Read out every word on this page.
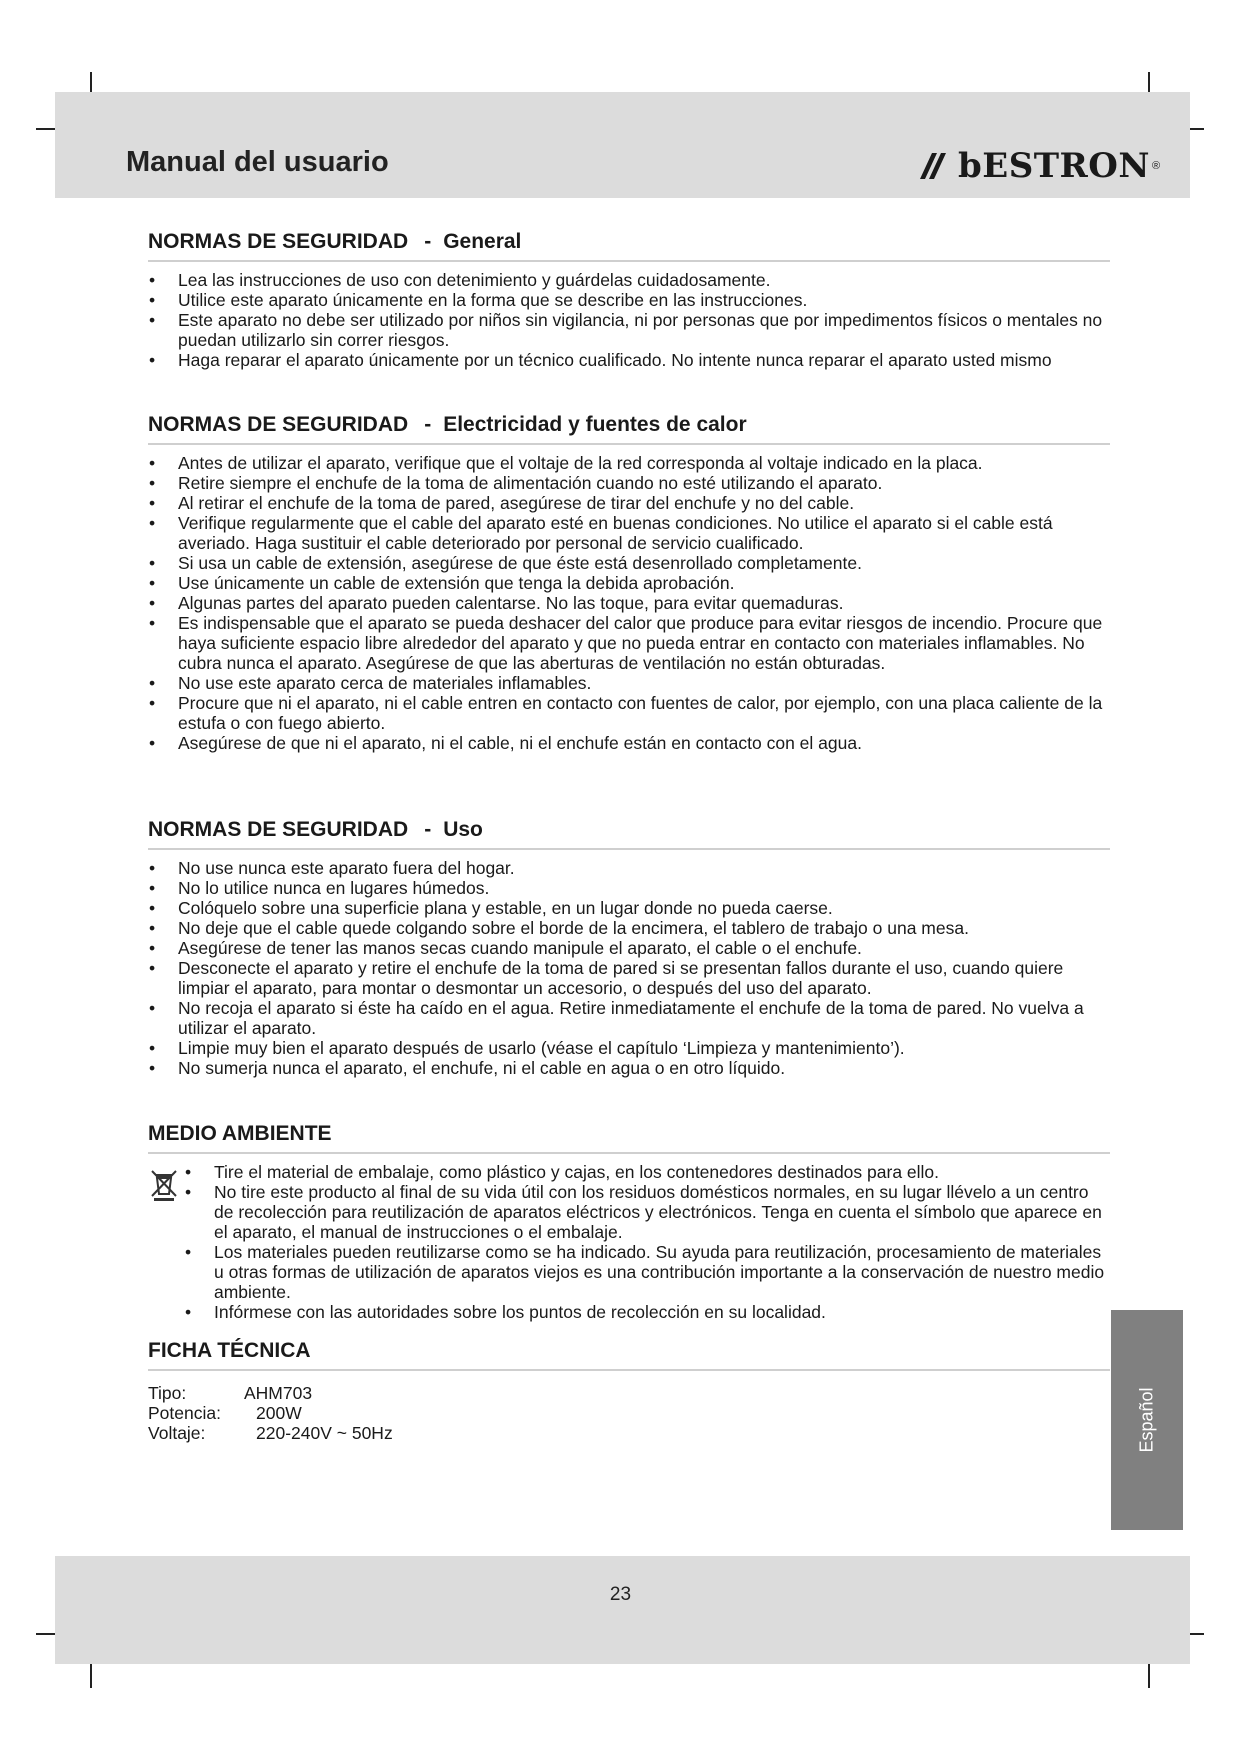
Manual del usuario	bESTRON ®
NORMAS DE SEGURIDAD - General
• Lea las instrucciones de uso con detenimiento y guárdelas cuidadosamente.
• Utilice este aparato únicamente en la forma que se describe en las instrucciones.
• Este aparato no debe ser utilizado por niños sin vigilancia, ni por personas que por impedimentos físicos o mentales no puedan utilizarlo sin correr riesgos.
• Haga reparar el aparato únicamente por un técnico cualificado. No intente nunca reparar el aparato usted mismo
NORMAS DE SEGURIDAD - Electricidad y fuentes de calor
• Antes de utilizar el aparato, verifique que el voltaje de la red corresponda al voltaje indicado en la placa.
• Retire siempre el enchufe de la toma de alimentación cuando no esté utilizando el aparato.
• Al retirar el enchufe de la toma de pared, asegúrese de tirar del enchufe y no del cable.
• Verifique regularmente que el cable del aparato esté en buenas condiciones. No utilice el aparato si el cable está averiado. Haga sustituir el cable deteriorado por personal de servicio cualificado.
• Si usa un cable de extensión, asegúrese de que éste está desenrollado completamente.
• Use únicamente un cable de extensión que tenga la debida aprobación.
• Algunas partes del aparato pueden calentarse. No las toque, para evitar quemaduras.
• Es indispensable que el aparato se pueda deshacer del calor que produce para evitar riesgos de incendio. Procure que haya suficiente espacio libre alrededor del aparato y que no pueda entrar en contacto con materiales inflamables. No cubra nunca el aparato. Asegúrese de que las aberturas de ventilación no están obturadas.
• No use este aparato cerca de materiales inflamables.
• Procure que ni el aparato, ni el cable entren en contacto con fuentes de calor, por ejemplo, con una placa caliente de la estufa o con fuego abierto.
• Asegúrese de que ni el aparato, ni el cable, ni el enchufe están en contacto con el agua.
NORMAS DE SEGURIDAD - Uso
• No use nunca este aparato fuera del hogar.
• No lo utilice nunca en lugares húmedos.
• Colóquelo sobre una superficie plana y estable, en un lugar donde no pueda caerse.
• No deje que el cable quede colgando sobre el borde de la encimera, el tablero de trabajo o una mesa.
• Asegúrese de tener las manos secas cuando manipule el aparato, el cable o el enchufe.
• Desconecte el aparato y retire el enchufe de la toma de pared si se presentan fallos durante el uso, cuando quiere limpiar el aparato, para montar o desmontar un accesorio, o después del uso del aparato.
• No recoja el aparato si éste ha caído en el agua. Retire inmediatamente el enchufe de la toma de pared. No vuelva a utilizar el aparato.
• Limpie muy bien el aparato después de usarlo (véase el capítulo ‘Limpieza y mantenimiento’).
• No sumerja nunca el aparato, el enchufe, ni el cable en agua o en otro líquido.
MEDIO AMBIENTE
• Tire el material de embalaje, como plástico y cajas, en los contenedores destinados para ello.
• No tire este producto al final de su vida útil con los residuos domésticos normales, en su lugar llévelo a un centro de recolección para reutilización de aparatos eléctricos y electrónicos. Tenga en cuenta el símbolo que aparece en el aparato, el manual de instrucciones o el embalaje.
• Los materiales pueden reutilizarse como se ha indicado. Su ayuda para reutilización, procesamiento de materiales u otras formas de utilización de aparatos viejos es una contribución importante a la conservación de nuestro medio ambiente.
• Infórmese con las autoridades sobre los puntos de recolección en su localidad.
FICHA TÉCNICA
Tipo:	AHM703
Potencia:	200W
Voltaje:	220-240V ~ 50Hz	Español
23
